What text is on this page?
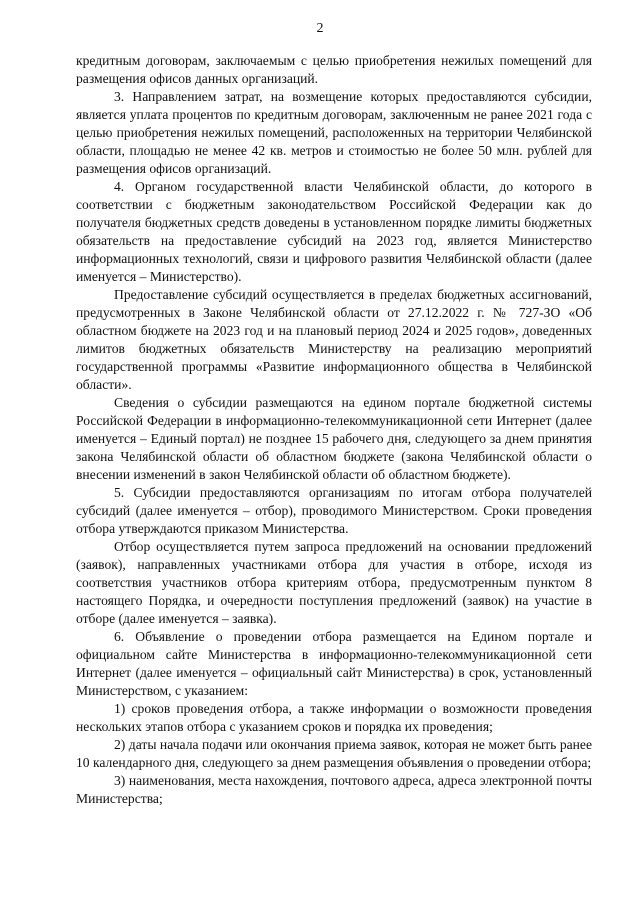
2

кредитным договорам, заключаемым с целью приобретения нежилых помещений для размещения офисов данных организаций.

3. Направлением затрат, на возмещение которых предоставляются субсидии, является уплата процентов по кредитным договорам, заключенным не ранее 2021 года с целью приобретения нежилых помещений, расположенных на территории Челябинской области, площадью не менее 42 кв. метров и стоимостью не более 50 млн. рублей для размещения офисов организаций.

4. Органом государственной власти Челябинской области, до которого в соответствии с бюджетным законодательством Российской Федерации как до получателя бюджетных средств доведены в установленном порядке лимиты бюджетных обязательств на предоставление субсидий на 2023 год, является Министерство информационных технологий, связи и цифрового развития Челябинской области (далее именуется – Министерство).

Предоставление субсидий осуществляется в пределах бюджетных ассигнований, предусмотренных в Законе Челябинской области от 27.12.2022 г. № 727-ЗО «Об областном бюджете на 2023 год и на плановый период 2024 и 2025 годов», доведенных лимитов бюджетных обязательств Министерству на реализацию мероприятий государственной программы «Развитие информационного общества в Челябинской области».

Сведения о субсидии размещаются на едином портале бюджетной системы Российской Федерации в информационно-телекоммуникационной сети Интернет (далее именуется – Единый портал) не позднее 15 рабочего дня, следующего за днем принятия закона Челябинской области об областном бюджете (закона Челябинской области о внесении изменений в закон Челябинской области об областном бюджете).

5. Субсидии предоставляются организациям по итогам отбора получателей субсидий (далее именуется – отбор), проводимого Министерством. Сроки проведения отбора утверждаются приказом Министерства.

Отбор осуществляется путем запроса предложений на основании предложений (заявок), направленных участниками отбора для участия в отборе, исходя из соответствия участников отбора критериям отбора, предусмотренным пунктом 8 настоящего Порядка, и очередности поступления предложений (заявок) на участие в отборе (далее именуется – заявка).

6. Объявление о проведении отбора размещается на Едином портале и официальном сайте Министерства в информационно-телекоммуникационной сети Интернет (далее именуется – официальный сайт Министерства) в срок, установленный Министерством, с указанием:

1) сроков проведения отбора, а также информации о возможности проведения нескольких этапов отбора с указанием сроков и порядка их проведения;

2) даты начала подачи или окончания приема заявок, которая не может быть ранее 10 календарного дня, следующего за днем размещения объявления о проведении отбора;

3) наименования, места нахождения, почтового адреса, адреса электронной почты Министерства;
